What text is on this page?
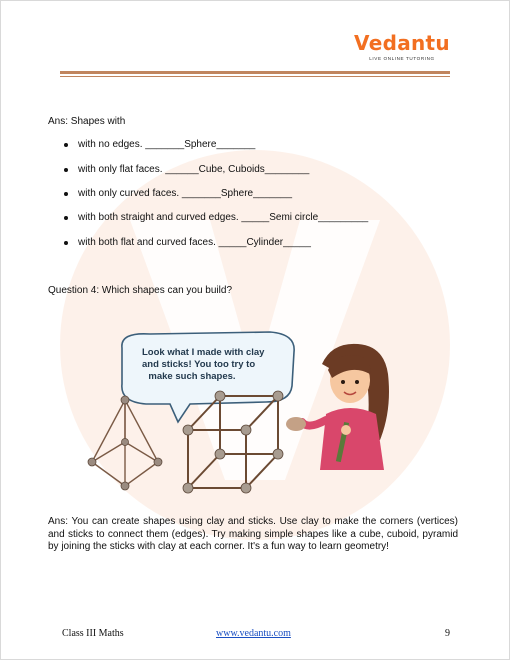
Vedantu
LIVE ONLINE TUTORING
Ans: Shapes with
with no edges. _______Sphere_______
with only flat faces. ______Cube, Cuboids________
with only curved faces. _______Sphere_______
with both straight and curved edges. _____Semi circle_________
with both flat and curved faces. _____Cylinder_____
Question 4: Which shapes can you build?
Look what I made with clay
and sticks! You too try to
make such shapes.
Ans: You can create shapes using clay and sticks. Use clay to make the corners (vertices) and sticks to connect them (edges). Try making simple shapes like a cube, cuboid, pyramid by joining the sticks with clay at each corner. It's a fun way to learn geometry!
Class III Maths	www.vedantu.com	9
